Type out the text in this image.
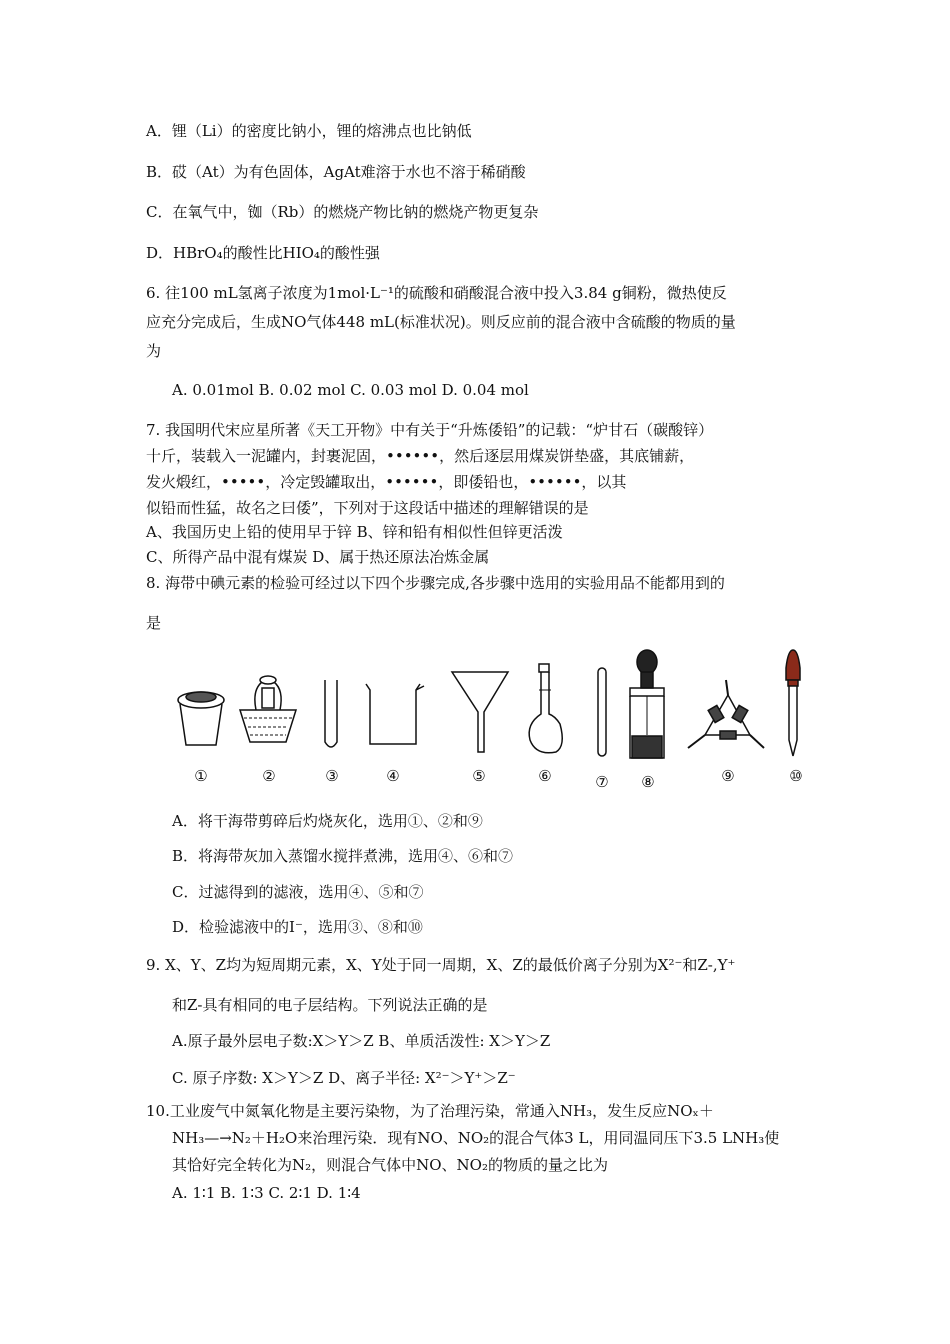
A．锂（Li）的密度比钠小，锂的熔沸点也比钠低
B．砹（At）为有色固体，AgAt难溶于水也不溶于稀硝酸
C．在氧气中，铷（Rb）的燃烧产物比钠的燃烧产物更复杂
D．HBrO₄的酸性比HIO₄的酸性强
6. 往100 mL氢离子浓度为1mol·L⁻¹的硫酸和硝酸混合液中投入3.84 g铜粉，微热使反
应充分完成后，生成NO气体448 mL(标准状况)。则反应前的混合液中含硫酸的物质的量
为
A. 0.01mol B. 0.02 mol C. 0.03 mol D. 0.04 mol
7. 我国明代宋应星所著《天工开物》中有关于“升炼倭铅”的记载：“炉甘石（碳酸锌）
十斤，装载入一泥罐内，封裹泥固，••••••，然后逐层用煤炭饼垫盛，其底铺薪，
发火煅红，•••••，冷定毁罐取出，••••••，即倭铅也，••••••，以其
似铅而性猛，故名之曰倭”，下列对于这段话中描述的理解错误的是
A、我国历史上铅的使用早于锌 B、锌和铅有相似性但锌更活泼
C、所得产品中混有煤炭 D、属于热还原法冶炼金属
8. 海带中碘元素的检验可经过以下四个步骤完成,各步骤中选用的实验用品不能都用到的
是
①	②	③	④	⑤	⑥	⑦	⑧	⑨	⑩
A．将干海带剪碎后灼烧灰化，选用①、②和⑨
B．将海带灰加入蒸馏水搅拌煮沸，选用④、⑥和⑦
C．过滤得到的滤液，选用④、⑤和⑦
D．检验滤液中的I⁻，选用③、⑧和⑩
9. X、Y、Z均为短周期元素，X、Y处于同一周期，X、Z的最低价离子分别为X²⁻和Z-,Y⁺
和Z-具有相同的电子层结构。下列说法正确的是
A.原子最外层电子数:X＞Y＞Z B、单质活泼性: X＞Y＞Z
C. 原子序数: X＞Y＞Z D、离子半径: X²⁻＞Y⁺＞Z⁻
10.工业废气中氮氧化物是主要污染物，为了治理污染，常通入NH₃，发生反应NOₓ＋
NH₃—→N₂＋H₂O来治理污染．现有NO、NO₂的混合气体3 L，用同温同压下3.5 LNH₃使
其恰好完全转化为N₂，则混合气体中NO、NO₂的物质的量之比为
A. 1∶1 B. 1∶3 C. 2∶1 D. 1∶4
